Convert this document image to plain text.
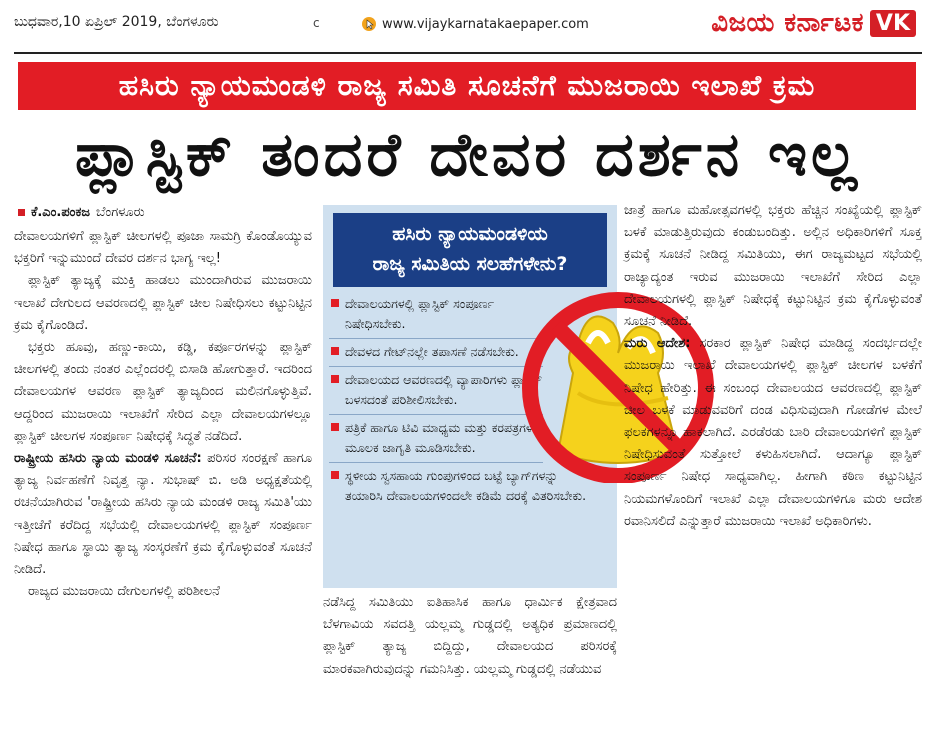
ಬುಧವಾರ,10 ಏಪ್ರಿಲ್ 2019, ಬೆಂಗಳೂರು	c	www.vijaykarnatakaepaper.com	ವಿಜಯ ಕರ್ನಾಟಕ VK
ಹಸಿರು ನ್ಯಾಯಮಂಡಳಿ ರಾಜ್ಯ ಸಮಿತಿ ಸೂಚನೆಗೆ ಮುಜರಾಯಿ ಇಲಾಖೆ ಕ್ರಮ
ಪ್ಲಾಸ್ಟಿಕ್ ತಂದರೆ ದೇವರ ದರ್ಶನ ಇಲ್ಲ
ಕೆ.ಎಂ.ಪಂಕಜ ಬೆಂಗಳೂರು

ದೇವಾಲಯಗಳಿಗೆ ಪ್ಲಾಸ್ಟಿಕ್ ಚೀಲಗಳಲ್ಲಿ ಪೂಜಾ ಸಾಮಗ್ರಿ ಕೊಂಡೊಯ್ಯುವ ಭಕ್ತರಿಗೆ ಇನ್ನುಮುಂದೆ ದೇವರ ದರ್ಶನ ಭಾಗ್ಯ ಇಲ್ಲ!

ಪ್ಲಾಸ್ಟಿಕ್ ತ್ಯಾಜ್ಯಕ್ಕೆ ಮುಕ್ತಿ ಹಾಡಲು ಮುಂದಾಗಿರುವ ಮುಜರಾಯಿ ಇಲಾಖೆ ದೇಗುಲದ ಆವರಣದಲ್ಲಿ ಪ್ಲಾಸ್ಟಿಕ್ ಚೀಲ ನಿಷೇಧಿಸಲು ಕಟ್ಟುನಿಟ್ಟಿನ ಕ್ರಮ ಕೈಗೊಂಡಿದೆ.

ಭಕ್ತರು ಹೂವು, ಹಣ್ಣು-ಕಾಯಿ, ಕಡ್ಡಿ, ಕರ್ಪೂರಗಳನ್ನು ಪ್ಲಾಸ್ಟಿಕ್ ಚೀಲಗಳಲ್ಲಿ ತಂದು ನಂತರ ಎಲ್ಲೆಂದರಲ್ಲಿ ಬಿಸಾಡಿ ಹೋಗುತ್ತಾರೆ. ಇದರಿಂದ ದೇವಾಲಯಗಳ ಆವರಣ ಪ್ಲಾಸ್ಟಿಕ್ ತ್ಯಾಜ್ಯದಿಂದ ಮಲಿನಗೊಳ್ಳುತ್ತಿವೆ. ಆದ್ದರಿಂದ ಮುಜರಾಯಿ ಇಲಾಖೆಗೆ ಸೇರಿದ ಎಲ್ಲಾ ದೇವಾಲಯಗಳಲ್ಲೂ ಪ್ಲಾಸ್ಟಿಕ್ ಚೀಲಗಳ ಸಂಪೂರ್ಣ ನಿಷೇಧಕ್ಕೆ ಸಿದ್ಧತೆ ನಡೆದಿದೆ.

ರಾಷ್ಟ್ರೀಯ ಹಸಿರು ನ್ಯಾಯ ಮಂಡಳಿ ಸೂಚನೆ: ಪರಿಸರ ಸಂರಕ್ಷಣೆ ಹಾಗೂ ತ್ಯಾಜ್ಯ ನಿರ್ವಹಣೆಗೆ ನಿವೃತ್ತ ನ್ಯಾ. ಸುಭಾಷ್ ಬಿ. ಅಡಿ ಅಧ್ಯಕ್ಷತೆಯಲ್ಲಿ ರಚನೆಯಾಗಿರುವ 'ರಾಷ್ಟ್ರೀಯ ಹಸಿರು ನ್ಯಾಯ ಮಂಡಳಿ ರಾಜ್ಯ ಸಮಿತಿ'ಯು ಇತ್ತೀಚೆಗೆ ಕರೆದಿದ್ದ ಸಭೆಯಲ್ಲಿ ದೇವಾಲಯಗಳಲ್ಲಿ ಪ್ಲಾಸ್ಟಿಕ್ ಸಂಪೂರ್ಣ ನಿಷೇಧ ಹಾಗೂ ಸ್ಥಾಯಿ ತ್ಯಾಜ್ಯ ಸಂಸ್ಕರಣೆಗೆ ಕ್ರಮ ಕೈಗೊಳ್ಳುವಂತೆ ಸೂಚನೆ ನೀಡಿದೆ.

ರಾಜ್ಯದ ಮುಜರಾಯಿ ದೇಗುಲಗಳಲ್ಲಿ ಪರಿಶೀಲನೆ

ಹಸಿರು ನ್ಯಾಯಮಂಡಳಿಯ
ರಾಜ್ಯ ಸಮಿತಿಯ ಸಲಹೆಗಳೇನು?
ದೇವಾಲಯಗಳಲ್ಲಿ ಪ್ಲಾಸ್ಟಿಕ್ ಸಂಪೂರ್ಣ ನಿಷೇಧಿಸಬೇಕು.
ದೇವಳದ ಗೇಟ್‌ನಲ್ಲೇ ತಪಾಸಣೆ ನಡೆಸಬೇಕು.
ದೇವಾಲಯದ ಆವರಣದಲ್ಲಿ ವ್ಯಾಪಾರಿಗಳು ಪ್ಲಾಸ್ಟಿಕ್ ಬಳಸದಂತೆ ಪರಿಶೀಲಿಸಬೇಕು.
ಪತ್ರಿಕೆ ಹಾಗೂ ಟಿವಿ ಮಾಧ್ಯಮ ಮತ್ತು ಕರಪತ್ರಗಳ ಮೂಲಕ ಜಾಗೃತಿ ಮೂಡಿಸಬೇಕು.
ಸ್ಥಳೀಯ ಸ್ವಸಹಾಯ ಗುಂಪುಗಳಿಂದ ಬಟ್ಟೆ ಬ್ಯಾಗ್‌ಗಳನ್ನು ತಯಾರಿಸಿ ದೇವಾಲಯಗಳಿಂದಲೇ ಕಡಿಮೆ ದರಕ್ಕೆ ವಿತರಿಸಬೇಕು.

ನಡೆಸಿದ್ದ ಸಮಿತಿಯು ಐತಿಹಾಸಿಕ ಹಾಗೂ ಧಾರ್ಮಿಕ ಕ್ಷೇತ್ರವಾದ ಬೆಳಗಾವಿಯ ಸವದತ್ತಿ ಯಲ್ಲಮ್ಮ ಗುಡ್ಡದಲ್ಲಿ ಅತ್ಯಧಿಕ ಪ್ರಮಾಣದಲ್ಲಿ ಪ್ಲಾಸ್ಟಿಕ್ ತ್ಯಾಜ್ಯ ಬಿದ್ದಿದ್ದು, ದೇವಾಲಯದ ಪರಿಸರಕ್ಕೆ ಮಾರಕವಾಗಿರುವುದನ್ನು ಗಮನಿಸಿತ್ತು. ಯಲ್ಲಮ್ಮ ಗುಡ್ಡದಲ್ಲಿ ನಡೆಯುವ

ಜಾತ್ರೆ ಹಾಗೂ ಮಹೋತ್ಸವಗಳಲ್ಲಿ ಭಕ್ತರು ಹೆಚ್ಚಿನ ಸಂಖ್ಯೆಯಲ್ಲಿ ಪ್ಲಾಸ್ಟಿಕ್ ಬಳಕೆ ಮಾಡುತ್ತಿರುವುದು ಕಂಡುಬಂದಿತ್ತು. ಅಲ್ಲಿನ ಅಧಿಕಾರಿಗಳಿಗೆ ಸೂಕ್ತ ಕ್ರಮಕ್ಕೆ ಸೂಚನೆ ನೀಡಿದ್ದ ಸಮಿತಿಯು, ಈಗ ರಾಜ್ಯಮಟ್ಟದ ಸಭೆಯಲ್ಲಿ ರಾಜ್ಯಾದ್ಯಂತ ಇರುವ ಮುಜರಾಯಿ ಇಲಾಖೆಗೆ ಸೇರಿದ ಎಲ್ಲಾ ದೇವಾಲಯಗಳಲ್ಲಿ ಪ್ಲಾಸ್ಟಿಕ್ ನಿಷೇಧಕ್ಕೆ ಕಟ್ಟುನಿಟ್ಟಿನ ಕ್ರಮ ಕೈಗೊಳ್ಳುವಂತೆ ಸೂಚನೆ ನೀಡಿದೆ.

ಮರು ಆದೇಶ: ಸರಕಾರ ಪ್ಲಾಸ್ಟಿಕ್ ನಿಷೇಧ ಮಾಡಿದ್ದ ಸಂದರ್ಭದಲ್ಲೇ ಮುಜರಾಯಿ ಇಲಾಖೆ ದೇವಾಲಯಗಳಲ್ಲಿ ಪ್ಲಾಸ್ಟಿಕ್ ಚೀಲಗಳ ಬಳಕೆಗೆ ನಿಷೇಧ ಹೇರಿತ್ತು. ಈ ಸಂಬಂಧ ದೇವಾಲಯದ ಆವರಣದಲ್ಲಿ ಪ್ಲಾಸ್ಟಿಕ್ ಚೀಲ ಬಳಕೆ ಮಾಡುವವರಿಗೆ ದಂಡ ವಿಧಿಸುವುದಾಗಿ ಗೋಡೆಗಳ ಮೇಲೆ ಫಲಕಗಳನ್ನೂ ಹಾಕಲಾಗಿದೆ. ಎರಡೆರಡು ಬಾರಿ ದೇವಾಲಯಗಳಿಗೆ ಪ್ಲಾಸ್ಟಿಕ್ ನಿಷೇಧಿಸುವಂತೆ ಸುತ್ತೋಲೆ ಕಳುಹಿಸಲಾಗಿದೆ. ಆದಾಗ್ಯೂ ಪ್ಲಾಸ್ಟಿಕ್ ಸಂಪೂರ್ಣ ನಿಷೇಧ ಸಾಧ್ಯವಾಗಿಲ್ಲ. ಹೀಗಾಗಿ ಕಠಿಣ ಕಟ್ಟುನಿಟ್ಟಿನ ನಿಯಮಗಳೊಂದಿಗೆ ಇಲಾಖೆ ಎಲ್ಲಾ ದೇವಾಲಯಗಳಿಗೂ ಮರು ಆದೇಶ ರವಾನಿಸಲಿದೆ ಎನ್ನುತ್ತಾರೆ ಮುಜರಾಯಿ ಇಲಾಖೆ ಅಧಿಕಾರಿಗಳು.
